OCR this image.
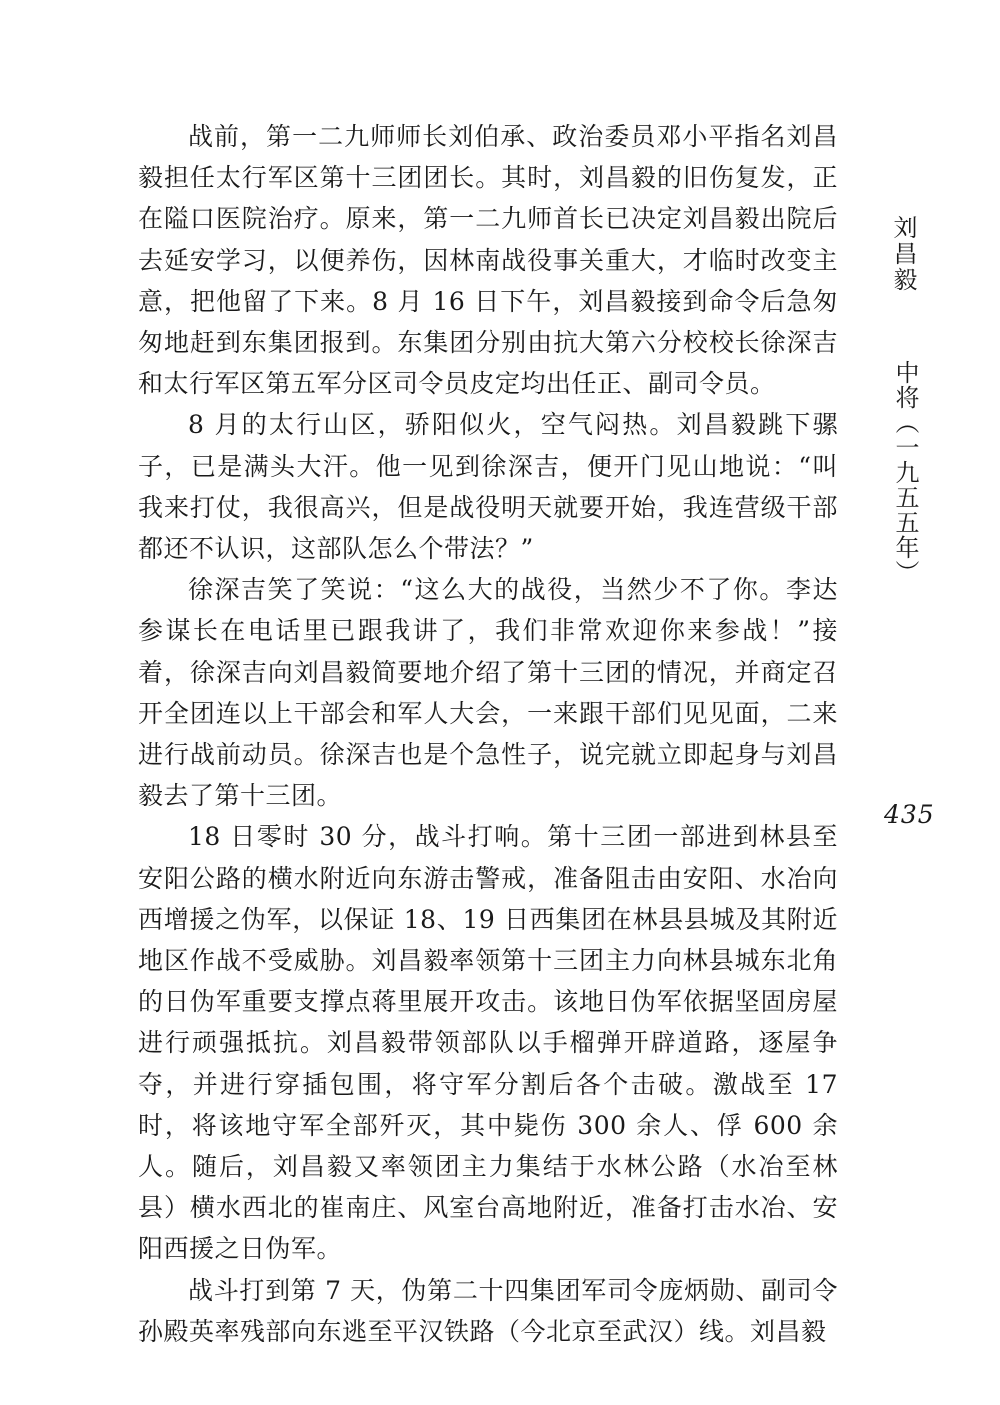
战前，第一二九师师长刘伯承、政治委员邓小平指名刘昌毅担任太行军区第十三团团长。其时，刘昌毅的旧伤复发，正在隘口医院治疗。原来，第一二九师首长已决定刘昌毅出院后去延安学习，以便养伤，因林南战役事关重大，才临时改变主意，把他留了下来。8 月 16 日下午，刘昌毅接到命令后急匆匆地赶到东集团报到。东集团分别由抗大第六分校校长徐深吉和太行军区第五军分区司令员皮定均出任正、副司令员。

8 月的太行山区，骄阳似火，空气闷热。刘昌毅跳下骡子，已是满头大汗。他一见到徐深吉，便开门见山地说：“叫我来打仗，我很高兴，但是战役明天就要开始，我连营级干部都还不认识，这部队怎么个带法？”

徐深吉笑了笑说：“这么大的战役，当然少不了你。李达参谋长在电话里已跟我讲了，我们非常欢迎你来参战！”接着，徐深吉向刘昌毅简要地介绍了第十三团的情况，并商定召开全团连以上干部会和军人大会，一来跟干部们见见面，二来进行战前动员。徐深吉也是个急性子，说完就立即起身与刘昌毅去了第十三团。

18 日零时 30 分，战斗打响。第十三团一部进到林县至安阳公路的横水附近向东游击警戒，准备阻击由安阳、水冶向西增援之伪军，以保证 18、19 日西集团在林县县城及其附近地区作战不受威胁。刘昌毅率领第十三团主力向林县城东北角的日伪军重要支撑点蒋里展开攻击。该地日伪军依据坚固房屋进行顽强抵抗。刘昌毅带领部队以手榴弹开辟道路，逐屋争夺，并进行穿插包围，将守军分割后各个击破。激战至 17 时，将该地守军全部歼灭，其中毙伤 300 余人、俘 600 余人。随后，刘昌毅又率领团主力集结于水林公路（水冶至林县）横水西北的崔南庄、风室台高地附近，准备打击水冶、安阳西援之日伪军。

战斗打到第 7 天，伪第二十四集团军司令庞炳勋、副司令孙殿英率残部向东逃至平汉铁路（今北京至武汉）线。刘昌毅

刘昌毅
中将（一九五五年）
435
